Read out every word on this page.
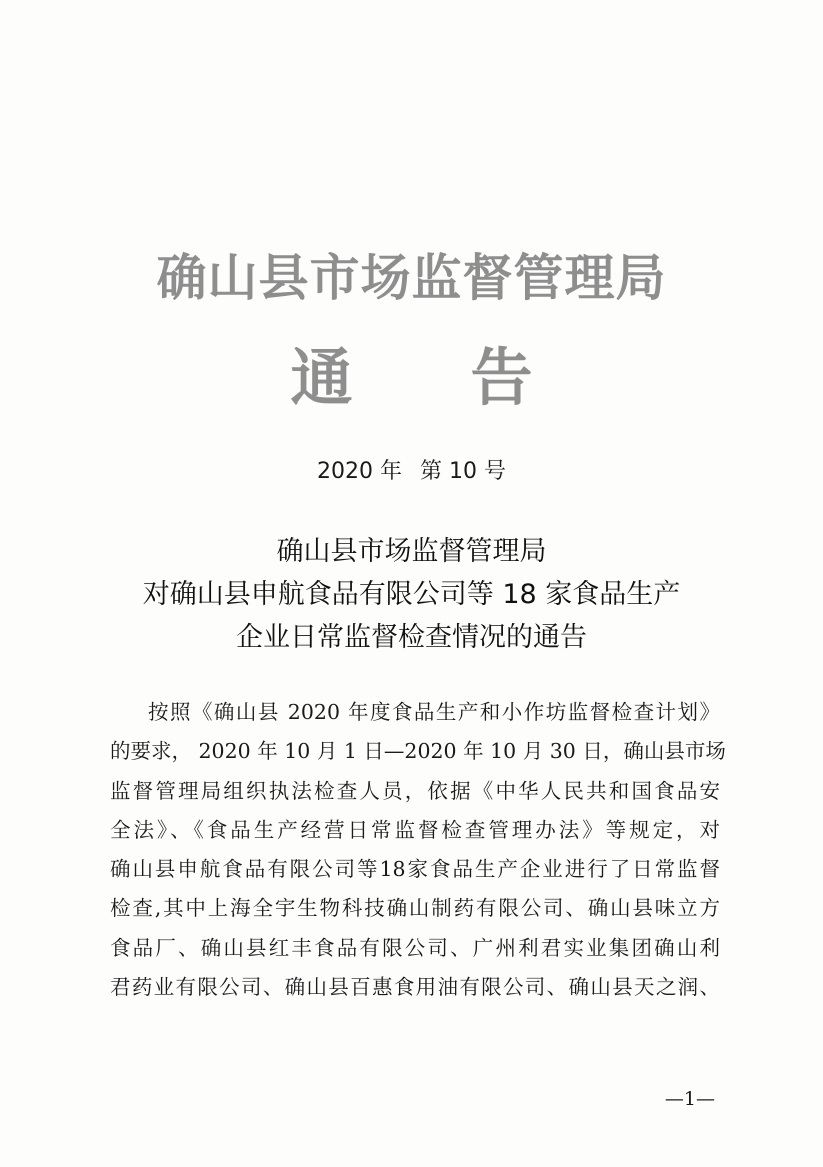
确山县市场监督管理局
通 告
2020 年 第 10 号
确山县市场监督管理局
对确山县申航食品有限公司等 18 家食品生产
企业日常监督检查情况的通告
按照《确山县 2020 年度食品生产和小作坊监督检查计划》
的要求， 2020 年 10 月 1 日—2020 年 10 月 30 日，确山县市场
监督管理局组织执法检查人员，依据《中华人民共和国食品安
全法》、《食品生产经营日常监督检查管理办法》等规定，对
确山县申航食品有限公司等18家食品生产企业进行了日常监督
检查,其中上海全宇生物科技确山制药有限公司、确山县味立方
食品厂、确山县红丰食品有限公司、广州利君实业集团确山利
君药业有限公司、确山县百惠食用油有限公司、确山县天之润、
—1—
